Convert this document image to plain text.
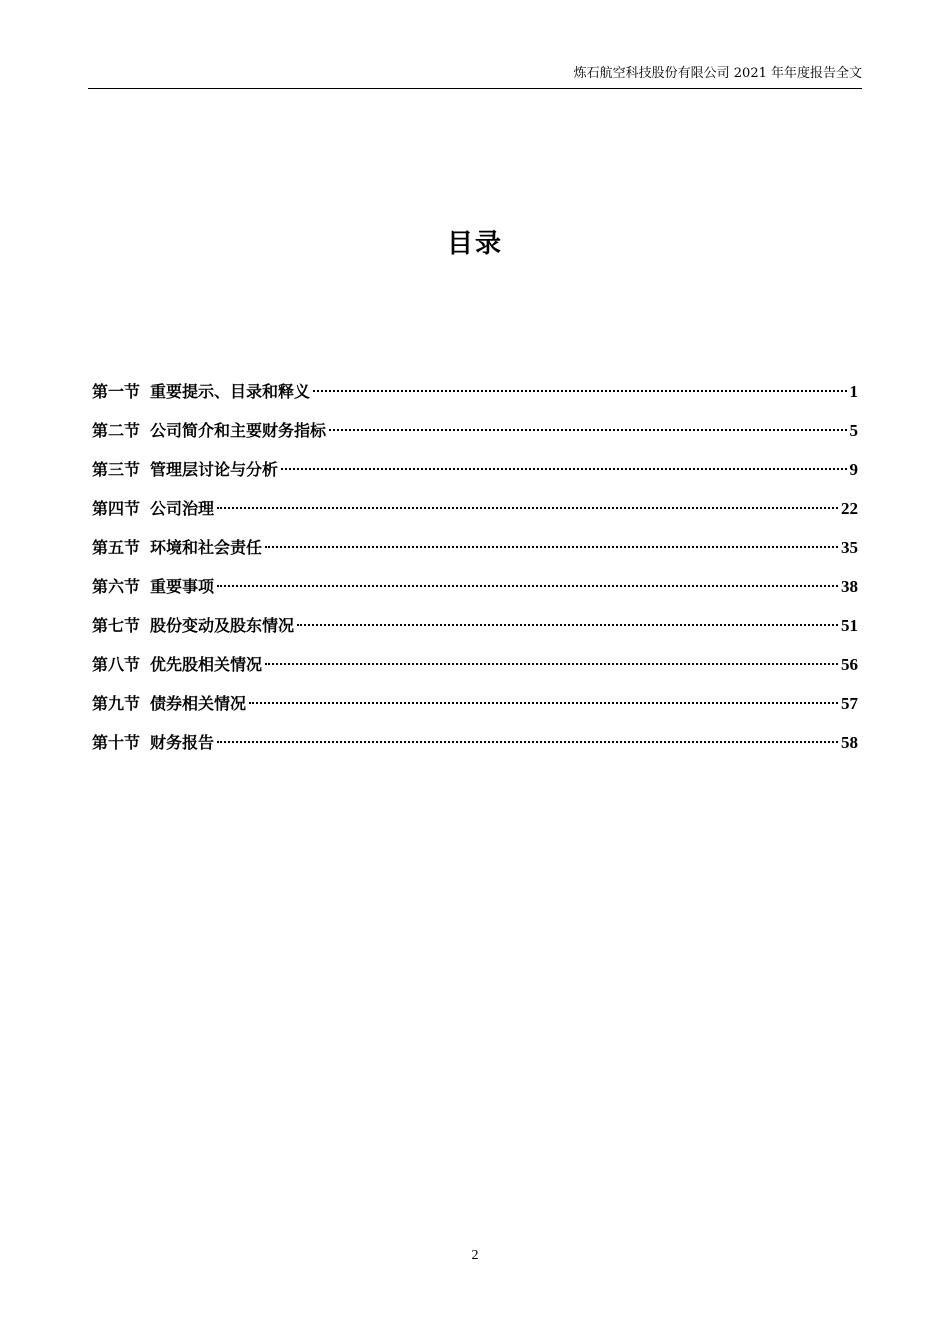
炼石航空科技股份有限公司 2021 年年度报告全文
目录
第一节 重要提示、目录和释义	1
第二节 公司简介和主要财务指标	5
第三节 管理层讨论与分析	9
第四节 公司治理	22
第五节 环境和社会责任	35
第六节 重要事项	38
第七节 股份变动及股东情况	51
第八节 优先股相关情况	56
第九节 债券相关情况	57
第十节 财务报告	58
2
